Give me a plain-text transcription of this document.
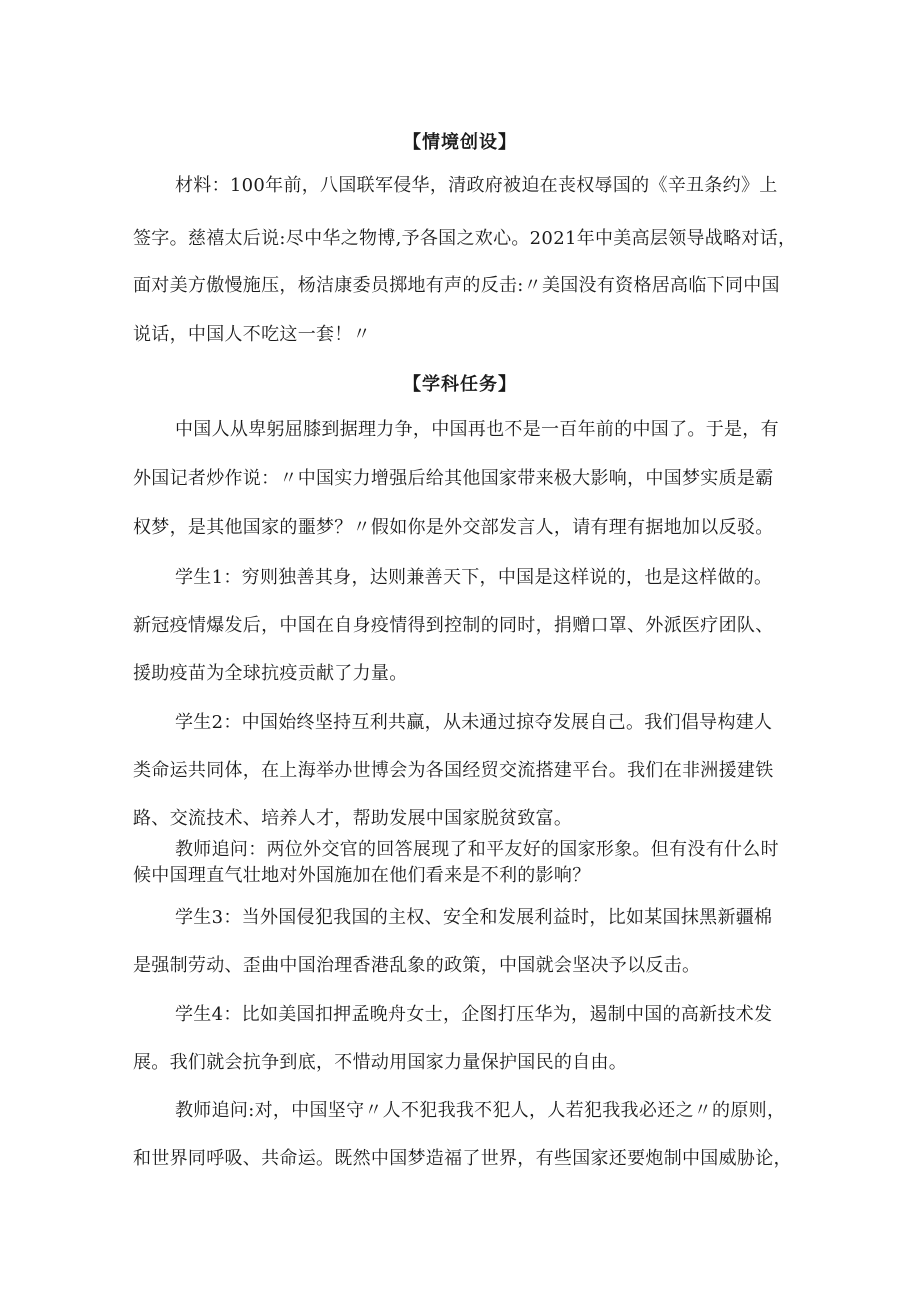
【情境创设】
材料：100年前，八国联军侵华，清政府被迫在丧权辱国的《辛丑条约》上
签字。慈禧太后说:尽中华之物博,予各国之欢心。2021年中美高层领导战略对话，
面对美方傲慢施压，杨洁康委员掷地有声的反击:〃美国没有资格居高临下同中国
说话，中国人不吃这一套！〃
【学科任务】
中国人从卑躬屈膝到据理力争，中国再也不是一百年前的中国了。于是，有
外国记者炒作说：〃中国实力增强后给其他国家带来极大影响，中国梦实质是霸
权梦，是其他国家的噩梦？〃假如你是外交部发言人，请有理有据地加以反驳。
学生1：穷则独善其身，达则兼善天下，中国是这样说的，也是这样做的。
新冠疫情爆发后，中国在自身疫情得到控制的同时，捐赠口罩、外派医疗团队、
援助疫苗为全球抗疫贡献了力量。
学生2：中国始终坚持互利共赢，从未通过掠夺发展自己。我们倡导构建人
类命运共同体，在上海举办世博会为各国经贸交流搭建平台。我们在非洲援建铁
路、交流技术、培养人才，帮助发展中国家脱贫致富。
教师追问：两位外交官的回答展现了和平友好的国家形象。但有没有什么时
候中国理直气壮地对外国施加在他们看来是不利的影响？
学生3：当外国侵犯我国的主权、安全和发展利益时，比如某国抹黑新疆棉
是强制劳动、歪曲中国治理香港乱象的政策，中国就会坚决予以反击。
学生4：比如美国扣押孟晚舟女士，企图打压华为，遏制中国的高新技术发
展。我们就会抗争到底，不惜动用国家力量保护国民的自由。
教师追问:对，中国坚守〃人不犯我我不犯人，人若犯我我必还之〃的原则，
和世界同呼吸、共命运。既然中国梦造福了世界，有些国家还要炮制中国威胁论，
